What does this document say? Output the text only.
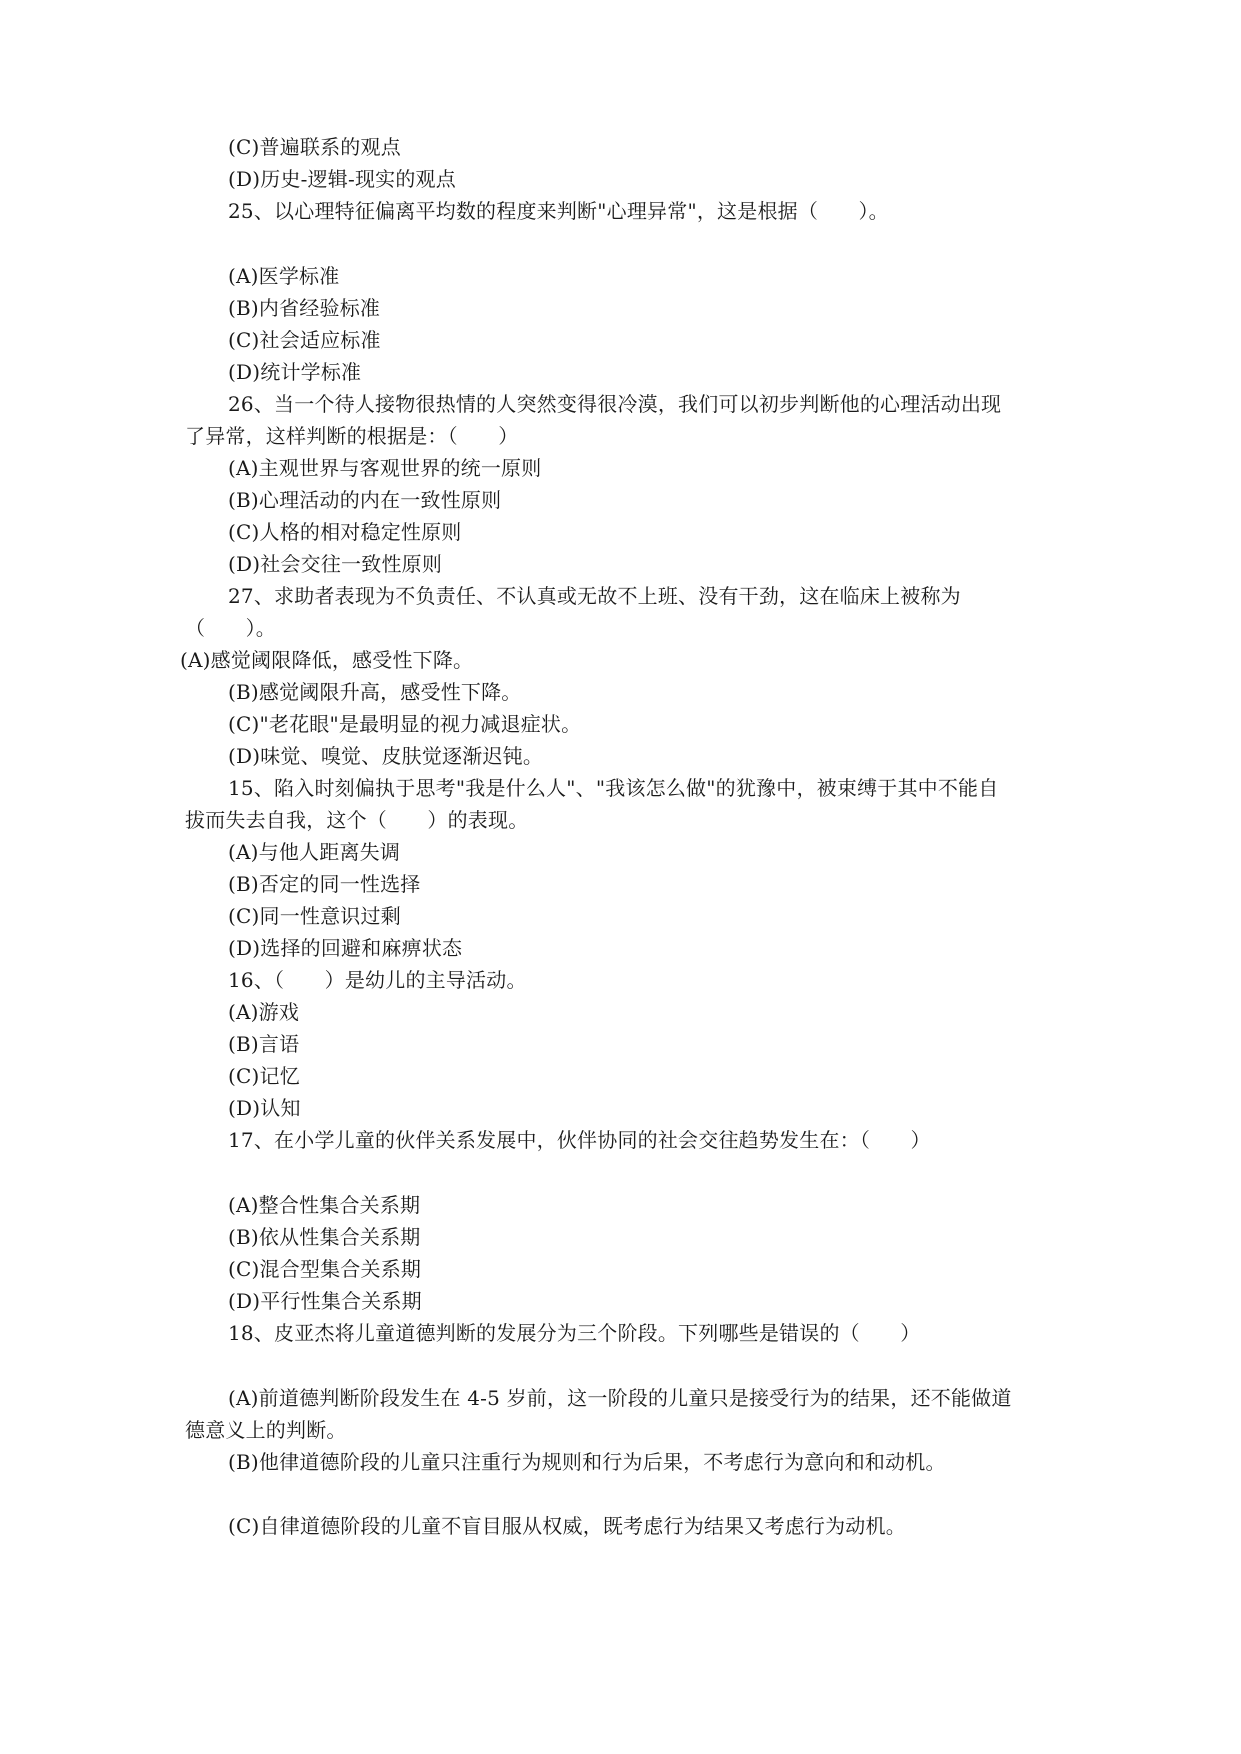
(C)普遍联系的观点
(D)历史-逻辑-现实的观点
25、以心理特征偏离平均数的程度来判断"心理异常"，这是根据（　　）。
(A)医学标准
(B)内省经验标准
(C)社会适应标准
(D)统计学标准
26、当一个待人接物很热情的人突然变得很冷漠，我们可以初步判断他的心理活动出现
了异常，这样判断的根据是：（　　）
(A)主观世界与客观世界的统一原则
(B)心理活动的内在一致性原则
(C)人格的相对稳定性原则
(D)社会交往一致性原则
27、求助者表现为不负责任、不认真或无故不上班、没有干劲，这在临床上被称为
（　　）。
(A)感觉阈限降低，感受性下降。
(B)感觉阈限升高，感受性下降。
(C)"老花眼"是最明显的视力减退症状。
(D)味觉、嗅觉、皮肤觉逐渐迟钝。
15、陷入时刻偏执于思考"我是什么人"、"我该怎么做"的犹豫中，被束缚于其中不能自
拔而失去自我，这个（　　）的表现。
(A)与他人距离失调
(B)否定的同一性选择
(C)同一性意识过剩
(D)选择的回避和麻痹状态
16、（　　）是幼儿的主导活动。
(A)游戏
(B)言语
(C)记忆
(D)认知
17、在小学儿童的伙伴关系发展中，伙伴协同的社会交往趋势发生在：（　　）
(A)整合性集合关系期
(B)依从性集合关系期
(C)混合型集合关系期
(D)平行性集合关系期
18、皮亚杰将儿童道德判断的发展分为三个阶段。下列哪些是错误的（　　）
(A)前道德判断阶段发生在 4-5 岁前，这一阶段的儿童只是接受行为的结果，还不能做道
德意义上的判断。
(B)他律道德阶段的儿童只注重行为规则和行为后果，不考虑行为意向和和动机。
(C)自律道德阶段的儿童不盲目服从权威，既考虑行为结果又考虑行为动机。
